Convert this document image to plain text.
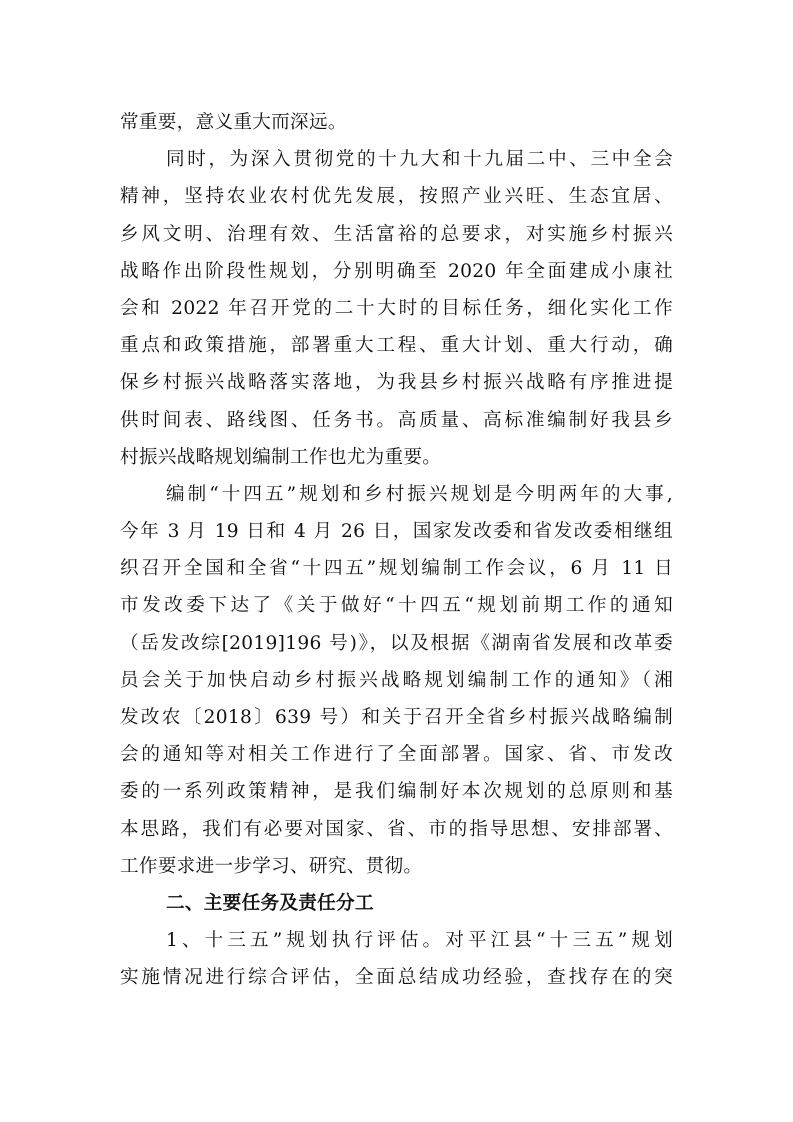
常重要，意义重大而深远。
同时，为深入贯彻党的十九大和十九届二中、三中全会
精神，坚持农业农村优先发展，按照产业兴旺、生态宜居、
乡风文明、治理有效、生活富裕的总要求，对实施乡村振兴
战略作出阶段性规划，分别明确至 2020 年全面建成小康社
会和 2022 年召开党的二十大时的目标任务，细化实化工作
重点和政策措施，部署重大工程、重大计划、重大行动，确
保乡村振兴战略落实落地，为我县乡村振兴战略有序推进提
供时间表、路线图、任务书。高质量、高标准编制好我县乡
村振兴战略规划编制工作也尤为重要。
编制“十四五”规划和乡村振兴规划是今明两年的大事,
今年 3 月 19 日和 4 月 26 日，国家发改委和省发改委相继组
织召开全国和全省“十四五”规划编制工作会议，6 月 11 日
市发改委下达了《关于做好“十四五“规划前期工作的通知
（岳发改综[2019]196 号)》，以及根据《湖南省发展和改革委
员会关于加快启动乡村振兴战略规划编制工作的通知》（湘
发改农〔2018〕639 号）和关于召开全省乡村振兴战略编制
会的通知等对相关工作进行了全面部署。国家、省、市发改
委的一系列政策精神，是我们编制好本次规划的总原则和基
本思路，我们有必要对国家、省、市的指导思想、安排部署、
工作要求进一步学习、研究、贯彻。
二、主要任务及责任分工
1、十三五”规划执行评估。对平江县“十三五”规划
实施情况进行综合评估，全面总结成功经验，查找存在的突
